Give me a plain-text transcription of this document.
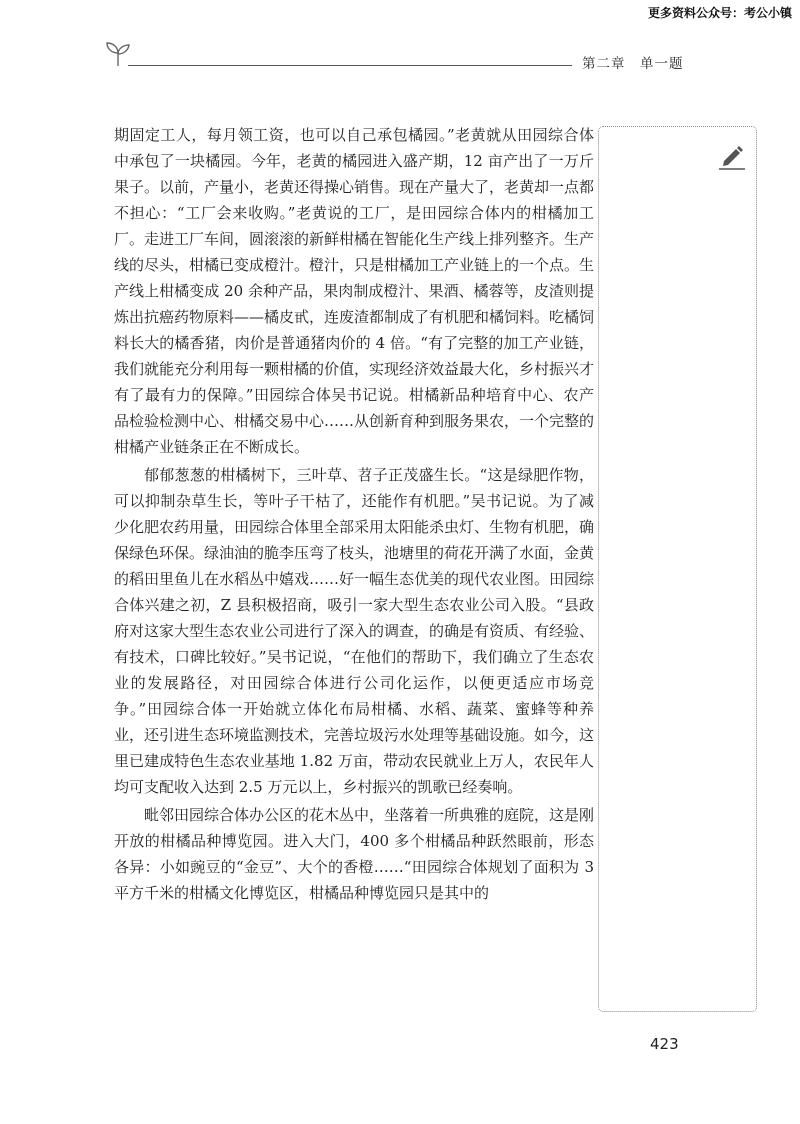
更多资料公众号：考公小镇

第二章　单一题

期固定工人，每月领工资，也可以自己承包橘园。”老黄就从田园综合体中承包了一块橘园。今年，老黄的橘园进入盛产期，12 亩产出了一万斤果子。以前，产量小，老黄还得操心销售。现在产量大了，老黄却一点都不担心：“工厂会来收购。”老黄说的工厂，是田园综合体内的柑橘加工厂。走进工厂车间，圆滚滚的新鲜柑橘在智能化生产线上排列整齐。生产线的尽头，柑橘已变成橙汁。橙汁，只是柑橘加工产业链上的一个点。生产线上柑橘变成 20 余种产品，果肉制成橙汁、果酒、橘蓉等，皮渣则提炼出抗癌药物原料——橘皮甙，连废渣都制成了有机肥和橘饲料。吃橘饲料长大的橘香猪，肉价是普通猪肉价的 4 倍。“有了完整的加工产业链，我们就能充分利用每一颗柑橘的价值，实现经济效益最大化，乡村振兴才有了最有力的保障。”田园综合体吴书记说。柑橘新品种培育中心、农产品检验检测中心、柑橘交易中心……从创新育种到服务果农，一个完整的柑橘产业链条正在不断成长。

郁郁葱葱的柑橘树下，三叶草、苕子正茂盛生长。“这是绿肥作物，可以抑制杂草生长，等叶子干枯了，还能作有机肥。”吴书记说。为了减少化肥农药用量，田园综合体里全部采用太阳能杀虫灯、生物有机肥，确保绿色环保。绿油油的脆李压弯了枝头，池塘里的荷花开满了水面，金黄的稻田里鱼儿在水稻丛中嬉戏……好一幅生态优美的现代农业图。田园综合体兴建之初，Z 县积极招商，吸引一家大型生态农业公司入股。“县政府对这家大型生态农业公司进行了深入的调查，的确是有资质、有经验、有技术，口碑比较好。”吴书记说，“在他们的帮助下，我们确立了生态农业的发展路径，对田园综合体进行公司化运作，以便更适应市场竞争。”田园综合体一开始就立体化布局柑橘、水稻、蔬菜、蜜蜂等种养业，还引进生态环境监测技术，完善垃圾污水处理等基础设施。如今，这里已建成特色生态农业基地 1.82 万亩，带动农民就业上万人，农民年人均可支配收入达到 2.5 万元以上，乡村振兴的凯歌已经奏响。

毗邻田园综合体办公区的花木丛中，坐落着一所典雅的庭院，这是刚开放的柑橘品种博览园。进入大门，400 多个柑橘品种跃然眼前，形态各异：小如豌豆的“金豆”、大个的香橙……“田园综合体规划了面积为 3 平方千米的柑橘文化博览区，柑橘品种博览园只是其中的

423
